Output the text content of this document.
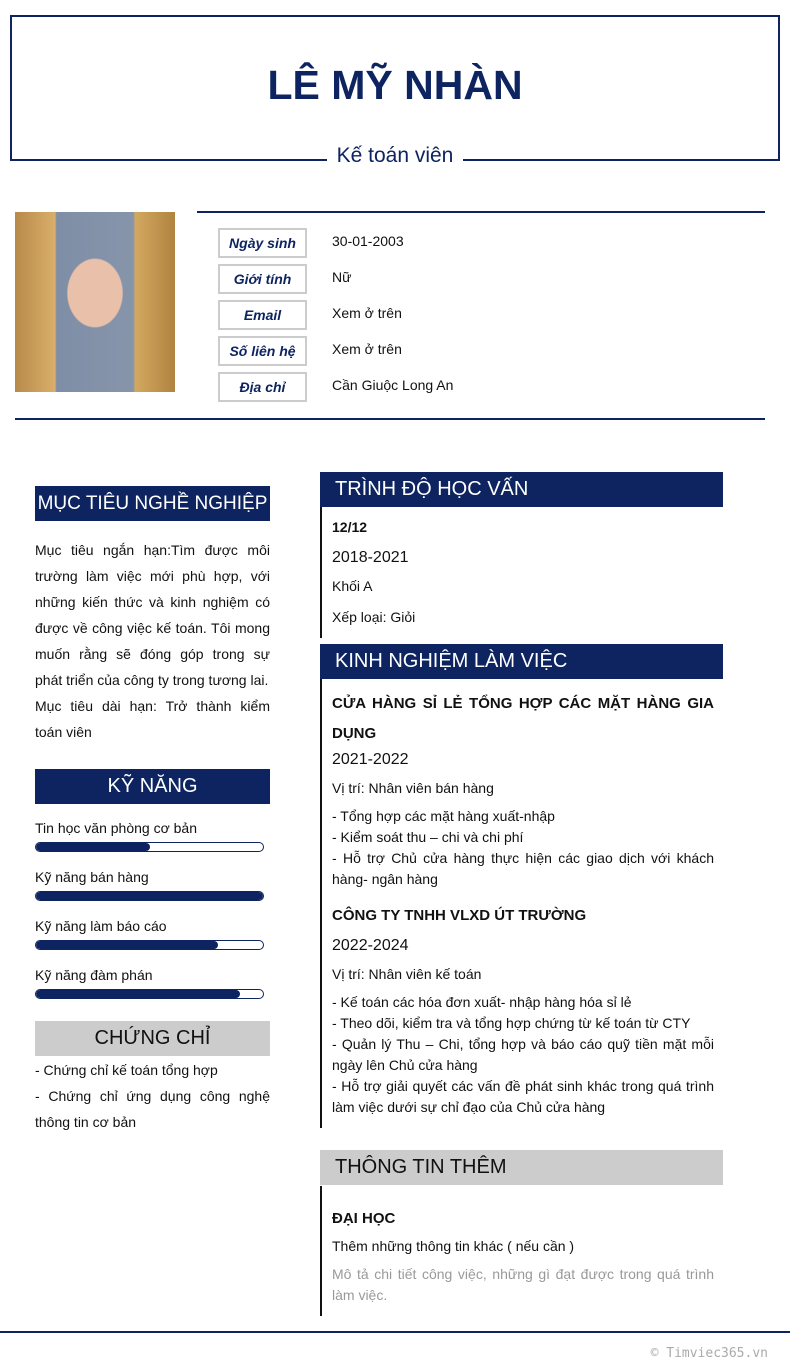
LÊ MỸ NHÀN
Kế toán viên
Ngày sinh	30-01-2003
Giới tính	Nữ
Email	Xem ở trên
Số liên hệ	Xem ở trên
Địa chỉ	Cần Giuộc Long An
MỤC TIÊU NGHỀ NGHIỆP
Mục tiêu ngắn hạn:Tìm được môi trường làm việc mới phù hợp, với những kiến thức và kinh nghiệm có được về công việc kế toán. Tôi mong muốn rằng sẽ đóng góp trong sự phát triển của công ty trong tương lai.
Mục tiêu dài hạn: Trở thành kiểm toán viên
KỸ NĂNG
Tin học văn phòng cơ bản
Kỹ năng bán hàng
Kỹ năng làm báo cáo
Kỹ năng đàm phán
CHỨNG CHỈ
- Chứng chỉ kế toán tổng hợp
- Chứng chỉ ứng dụng công nghệ thông tin cơ bản
TRÌNH ĐỘ HỌC VẤN
12/12
2018-2021
Khối A
Xếp loại: Giỏi
KINH NGHIỆM LÀM VIỆC
CỬA HÀNG SỈ LẺ TỔNG HỢP CÁC MẶT HÀNG GIA DỤNG
2021-2022
Vị trí: Nhân viên bán hàng
- Tổng hợp các mặt hàng xuất-nhập
- Kiểm soát thu – chi và chi phí
- Hỗ trợ Chủ cửa hàng thực hiện các giao dịch với khách hàng- ngân hàng
CÔNG TY TNHH VLXD ÚT TRƯỜNG
2022-2024
Vị trí: Nhân viên kế toán
- Kế toán các hóa đơn xuất- nhập hàng hóa sỉ lẻ
- Theo dõi, kiểm tra và tổng hợp chứng từ kế toán từ CTY
- Quản lý Thu – Chi, tổng hợp và báo cáo quỹ tiền mặt mỗi ngày lên Chủ cửa hàng
- Hỗ trợ giải quyết các vấn đề phát sinh khác trong quá trình làm việc dưới sự chỉ đạo của Chủ cửa hàng
THÔNG TIN THÊM
ĐẠI HỌC
Thêm những thông tin khác ( nếu cần )
Mô tả chi tiết công việc, những gì đạt được trong quá trình làm việc.
© Timviec365.vn
